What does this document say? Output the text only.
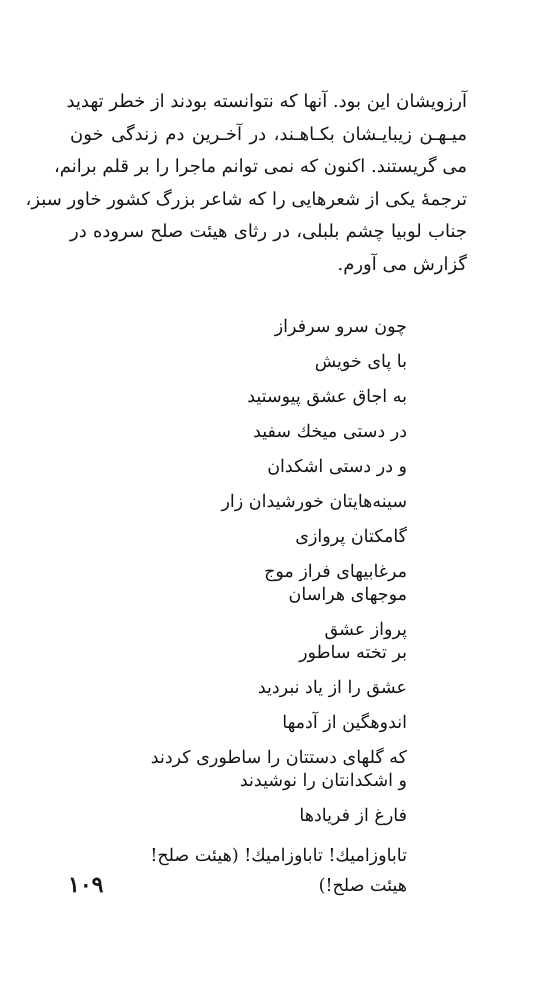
آرزویشان این بود. آنها که نتوانسته بودند از خطر تهدید
میـهـن زیبایـشان بکـاهـند، در آخـرین دم زندگی خون
می گریستند. اکنون که نمی توانم ماجرا را بر قلم برانم،
ترجمهٔ یکی از شعرهایی را که شاعر بزرگ کشور خاور سبز،
جناب لوبیا چشم بلبلی، در رثای هیئت صلح سروده در
گزارش می آورم.
چون سرو سرفراز
با پای خویش
به اجاق عشق پیوستید
در دستی میخك سفید
و در دستی اشكدان
سینه‌هایتان خورشیدان زار
گامكتان پروازی
مرغابیهای فراز موج
موجهای هراسان
پرواز عشق
بر تخته ساطور
عشق را از یاد نبردید
اندوهگین از آدمها
كه گلهای دستتان را ساطوری كردند
و اشكدانتان را نوشیدند
فارغ از فریادها
تاباوزامیك! تاباوزامیك! (هیئت صلح!
هیئت صلح!)
۱۰۹
